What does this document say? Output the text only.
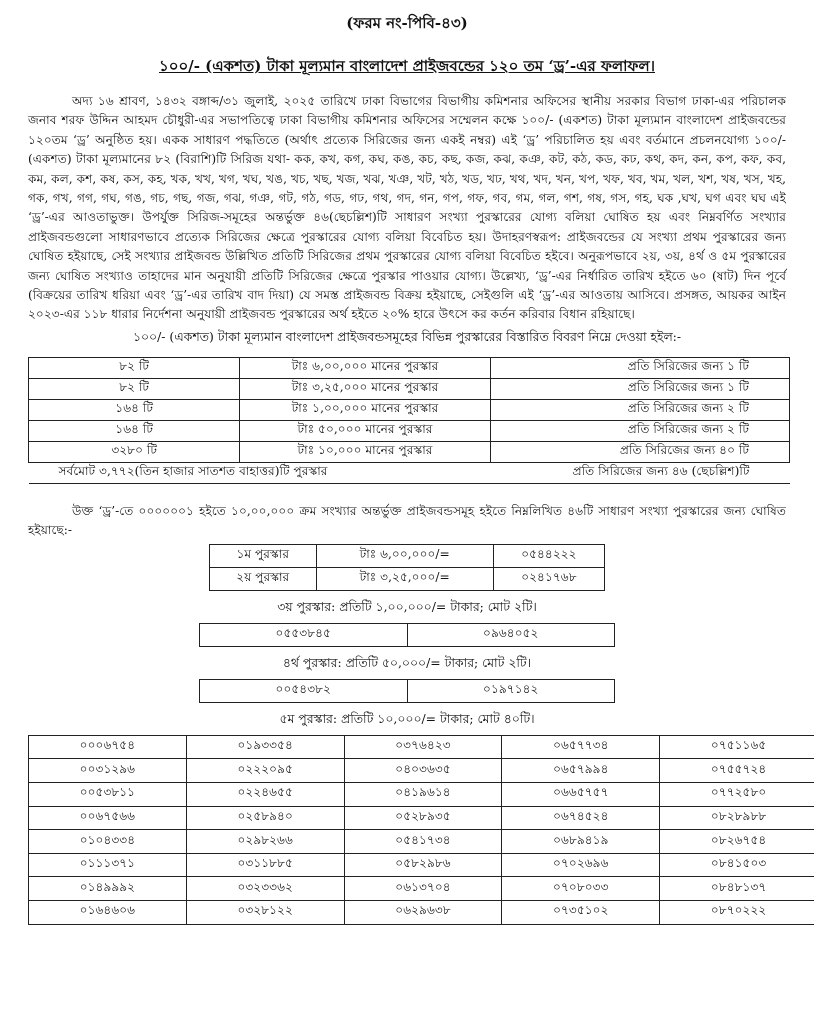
(ফরম নং-পিবি-৪৩)
১০০/- (একশত) টাকা মূল্যমান বাংলাদেশ প্রাইজবন্ডের ১২০ তম ‘ড্র’-এর ফলাফল।
অদ্য ১৬ শ্রাবণ, ১৪৩২ বঙ্গাব্দ/৩১ জুলাই, ২০২৫ তারিখে ঢাকা বিভাগের বিভাগীয় কমিশনার অফিসের স্থানীয় সরকার বিভাগ ঢাকা-এর পরিচালক জনাব শরফ উদ্দিন আহমদ চৌধুরী-এর সভাপতিত্বে ঢাকা বিভাগীয় কমিশনার অফিসের সম্মেলন কক্ষে ১০০/- (একশত) টাকা মূল্যমান বাংলাদেশ প্রাইজবন্ডের ১২০তম ‘ড্র’ অনুষ্ঠিত হয়। একক সাধারণ পদ্ধতিতে (অর্থাৎ প্রত্যেক সিরিজের জন্য একই নম্বর) এই ‘ড্র’ পরিচালিত হয় এবং বর্তমানে প্রচলনযোগ্য ১০০/- (একশত) টাকা মূল্যমানের ৮২ (বিরাশি)টি সিরিজ যথা- কক, কখ, কগ, কঘ, কঙ, কচ, কছ, কজ, কঝ, কঞ, কট, কঠ, কড, কঢ, কথ, কদ, কন, কপ, কফ, কব, কম, কল, কশ, কষ, কস, কহ, খক, খখ, খগ, খঘ, খঙ, খচ, খছ, খজ, খঝ, খঞ, খট, খঠ, খড, খঢ, খথ, খদ, খন, খপ, খফ, খব, খম, খল, খশ, খষ, খস, খহ, গক, গখ, গগ, গঘ, গঙ, গচ, গছ, গজ, গঝ, গঞ, গট, গঠ, গড, গঢ, গথ, গদ, গন, গপ, গফ, গব, গম, গল, গশ, গষ, গস, গহ, ঘক ,ঘখ, ঘগ এবং ঘঘ এই ‘ড্র’-এর আওতাভুক্ত। উপর্যুক্ত সিরিজ-সমূহের অন্তর্ভুক্ত ৪৬(ছেচল্লিশ)টি সাধারণ সংখ্যা পুরস্কারের যোগ্য বলিয়া ঘোষিত হয় এবং নিম্নবর্ণিত সংখ্যার প্রাইজবন্ডগুলো সাধারণভাবে প্রত্যেক সিরিজের ক্ষেত্রে পুরস্কারের যোগ্য বলিয়া বিবেচিত হয়। উদাহরণস্বরূপ: প্রাইজবন্ডের যে সংখ্যা প্রথম পুরস্কারের জন্য ঘোষিত হইয়াছে, সেই সংখ্যার প্রাইজবন্ড উল্লিখিত প্রতিটি সিরিজের প্রথম পুরস্কারের যোগ্য বলিয়া বিবেচিত হইবে। অনুরূপভাবে ২য়, ৩য়, ৪র্থ ও ৫ম পুরস্কারের জন্য ঘোষিত সংখ্যাও তাহাদের মান অনুযায়ী প্রতিটি সিরিজের ক্ষেত্রে পুরস্কার পাওয়ার যোগ্য। উল্লেখ্য, ‘ড্র’-এর নির্ধারিত তারিখ হইতে ৬০ (ষাট) দিন পূর্বে (বিক্রয়ের তারিখ ধরিয়া এবং ‘ড্র’-এর তারিখ বাদ দিয়া) যে সমস্ত প্রাইজবন্ড বিক্রয় হইয়াছে, সেইগুলি এই ‘ড্র’-এর আওতায় আসিবে। প্রসঙ্গত, আয়কর আইন ২০২৩-এর ১১৮ ধারার নির্দেশনা অনুযায়ী প্রাইজবন্ড পুরস্কারের অর্থ হইতে ২০% হারে উৎসে কর কর্তন করিবার বিধান রহিয়াছে।
১০০/- (একশত) টাকা মূল্যমান বাংলাদেশ প্রাইজবন্ডসমূহের বিভিন্ন পুরস্কারের বিস্তারিত বিবরণ নিম্নে দেওয়া হইল:-
৮২ টি	টাঃ ৬,০০,০০০ মানের পুরস্কার	প্রতি সিরিজের জন্য ১ টি
৮২ টি	টাঃ ৩,২৫,০০০ মানের পুরস্কার	প্রতি সিরিজের জন্য ১ টি
১৬৪ টি	টাঃ ১,০০,০০০ মানের পুরস্কার	প্রতি সিরিজের জন্য ২ টি
১৬৪ টি	টাঃ ৫০,০০০ মানের পুরস্কার	প্রতি সিরিজের জন্য ২ টি
৩২৮০ টি	টাঃ ১০,০০০ মানের পুরস্কার	প্রতি সিরিজের জন্য ৪০ টি
সর্বমোট ৩,৭৭২(তিন হাজার সাতশত বাহাত্তর)টি পুরস্কার		প্রতি সিরিজের জন্য ৪৬ (ছেচল্লিশ)টি
উক্ত ‘ড্র’-তে ০০০০০০১ হইতে ১০,০০,০০০ ক্রম সংখ্যার অন্তর্ভুক্ত প্রাইজবন্ডসমূহ হইতে নিম্নলিখিত ৪৬টি সাধারণ সংখ্যা পুরস্কারের জন্য ঘোষিত হইয়াছে:-
১ম পুরস্কার	টাঃ ৬,০০,০০০/=	০৫৪৪২২২
২য় পুরস্কার	টাঃ ৩,২৫,০০০/=	০২৪১৭৬৮
৩য় পুরস্কার: প্রতিটি ১,০০,০০০/= টাকার; মোট ২টি।
০৫৫৩৮৪৫	০৯৬৪০৫২
৪র্থ পুরস্কার: প্রতিটি ৫০,০০০/= টাকার; মোট ২টি।
০০৫৪৩৮২	০১৯৭১৪২
৫ম পুরস্কার: প্রতিটি ১০,০০০/= টাকার; মোট ৪০টি।
০০০৬৭৫৪	০১৯৩৩৫৪	০৩৭৬৪২৩	০৬৫৭৭৩৪	০৭৫১১৬৫
০০৩১২৯৬	০২২২০৯৫	০৪০৩৬৩৫	০৬৫৭৯৯৪	০৭৫৫৭২৪
০০৫৩৮১১	০২২৪৬৫৫	০৪১৯৬১৪	০৬৬৫৭৫৭	০৭৭২৫৮০
০০৬৭৫৬৬	০২৫৮৯৪০	০৫২৮৯৩৫	০৬৭৪৫২৪	০৮২৮৯৮৮
০১০৪৩৩৪	০২৯৮২৬৬	০৫৪১৭৩৪	০৬৮৯৪১৯	০৮২৬৭৫৪
০১১১৩৭১	০৩১১৮৮৫	০৫৮২৯৮৬	০৭০২৬৯৬	০৮৪১৫০৩
০১৪৯৯৯২	০৩২৩৩৬২	০৬১৩৭০৪	০৭০৮০৩৩	০৮৪৮১৩৭
০১৬৪৬০৬	০৩২৮১২২	০৬২৯৬৩৮	০৭৩৫১০২	০৮৭০২২২
